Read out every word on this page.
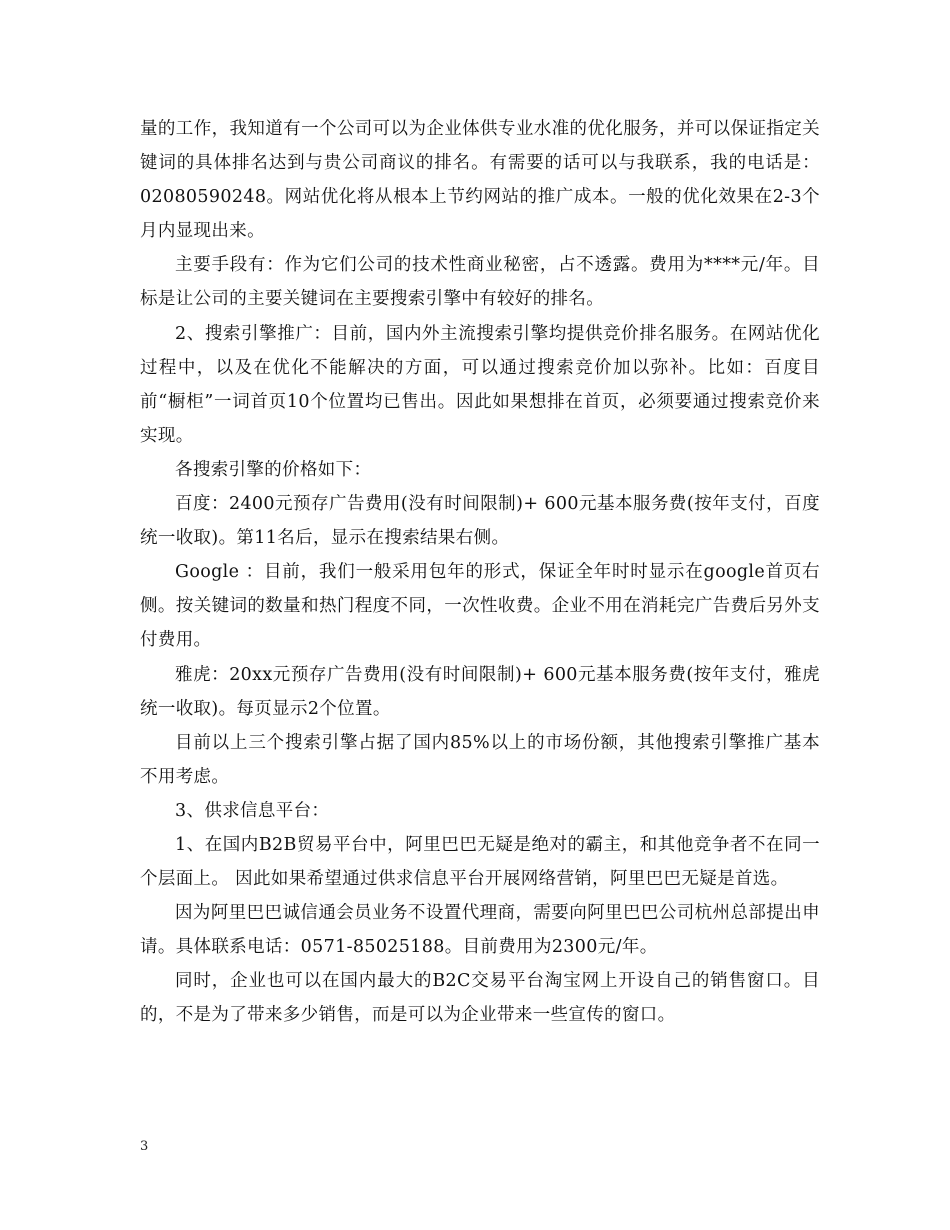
量的工作，我知道有一个公司可以为企业体供专业水准的优化服务，并可以保证指定关键词的具体排名达到与贵公司商议的排名。有需要的话可以与我联系，我的电话是：02080590248。网站优化将从根本上节约网站的推广成本。一般的优化效果在2-3个月内显现出来。

主要手段有：作为它们公司的技术性商业秘密，占不透露。费用为****元/年。目标是让公司的主要关键词在主要搜索引擎中有较好的排名。

2、搜索引擎推广：目前，国内外主流搜索引擎均提供竞价排名服务。在网站优化过程中，以及在优化不能解决的方面，可以通过搜索竞价加以弥补。比如：百度目前“橱柜”一词首页10个位置均已售出。因此如果想排在首页，必须要通过搜索竞价来实现。

各搜索引擎的价格如下：

百度：2400元预存广告费用(没有时间限制)+ 600元基本服务费(按年支付，百度统一收取)。第11名后，显示在搜索结果右侧。

Google ：目前，我们一般采用包年的形式，保证全年时时显示在google首页右侧。按关键词的数量和热门程度不同，一次性收费。企业不用在消耗完广告费后另外支付费用。

雅虎：20xx元预存广告费用(没有时间限制)+ 600元基本服务费(按年支付，雅虎统一收取)。每页显示2个位置。

目前以上三个搜索引擎占据了国内85%以上的市场份额，其他搜索引擎推广基本不用考虑。

3、供求信息平台：

1、在国内B2B贸易平台中，阿里巴巴无疑是绝对的霸主，和其他竞争者不在同一个层面上。 因此如果希望通过供求信息平台开展网络营销，阿里巴巴无疑是首选。

因为阿里巴巴诚信通会员业务不设置代理商，需要向阿里巴巴公司杭州总部提出申请。具体联系电话：0571-85025188。目前费用为2300元/年。

同时，企业也可以在国内最大的B2C交易平台淘宝网上开设自己的销售窗口。目的，不是为了带来多少销售，而是可以为企业带来一些宣传的窗口。

3
